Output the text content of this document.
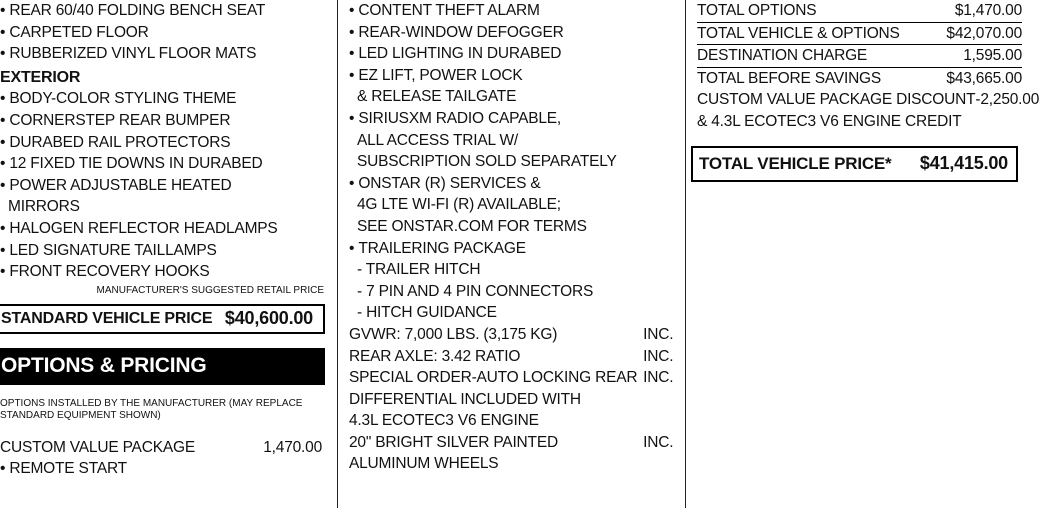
• REAR 60/40 FOLDING BENCH SEAT
• CARPETED FLOOR
• RUBBERIZED VINYL FLOOR MATS
EXTERIOR
• BODY-COLOR STYLING THEME
• CORNERSTEP REAR BUMPER
• DURABED RAIL PROTECTORS
• 12 FIXED TIE DOWNS IN DURABED
• POWER ADJUSTABLE HEATED
MIRRORS
• HALOGEN REFLECTOR HEADLAMPS
• LED SIGNATURE TAILLAMPS
• FRONT RECOVERY HOOKS
MANUFACTURER'S SUGGESTED RETAIL PRICE
STANDARD VEHICLE PRICE $40,600.00
OPTIONS & PRICING
OPTIONS INSTALLED BY THE MANUFACTURER (MAY REPLACE
STANDARD EQUIPMENT SHOWN)
CUSTOM VALUE PACKAGE	1,470.00
• REMOTE START
• CONTENT THEFT ALARM
• REAR-WINDOW DEFOGGER
• LED LIGHTING IN DURABED
• EZ LIFT, POWER LOCK
& RELEASE TAILGATE
• SIRIUSXM RADIO CAPABLE,
ALL ACCESS TRIAL W/
SUBSCRIPTION SOLD SEPARATELY
• ONSTAR (R) SERVICES &
4G LTE WI-FI (R) AVAILABLE;
SEE ONSTAR.COM FOR TERMS
• TRAILERING PACKAGE
- TRAILER HITCH
- 7 PIN AND 4 PIN CONNECTORS
- HITCH GUIDANCE
GVWR: 7,000 LBS. (3,175 KG)	INC.
REAR AXLE: 3.42 RATIO	INC.
SPECIAL ORDER-AUTO LOCKING REAR INC.
DIFFERENTIAL INCLUDED WITH
4.3L ECOTEC3 V6 ENGINE
20" BRIGHT SILVER PAINTED	INC.
ALUMINUM WHEELS
TOTAL OPTIONS	$1,470.00
TOTAL VEHICLE & OPTIONS	$42,070.00
DESTINATION CHARGE	1,595.00
TOTAL BEFORE SAVINGS	$43,665.00
CUSTOM VALUE PACKAGE DISCOUNT -2,250.00
& 4.3L ECOTEC3 V6 ENGINE CREDIT
TOTAL VEHICLE PRICE* $41,415.00
